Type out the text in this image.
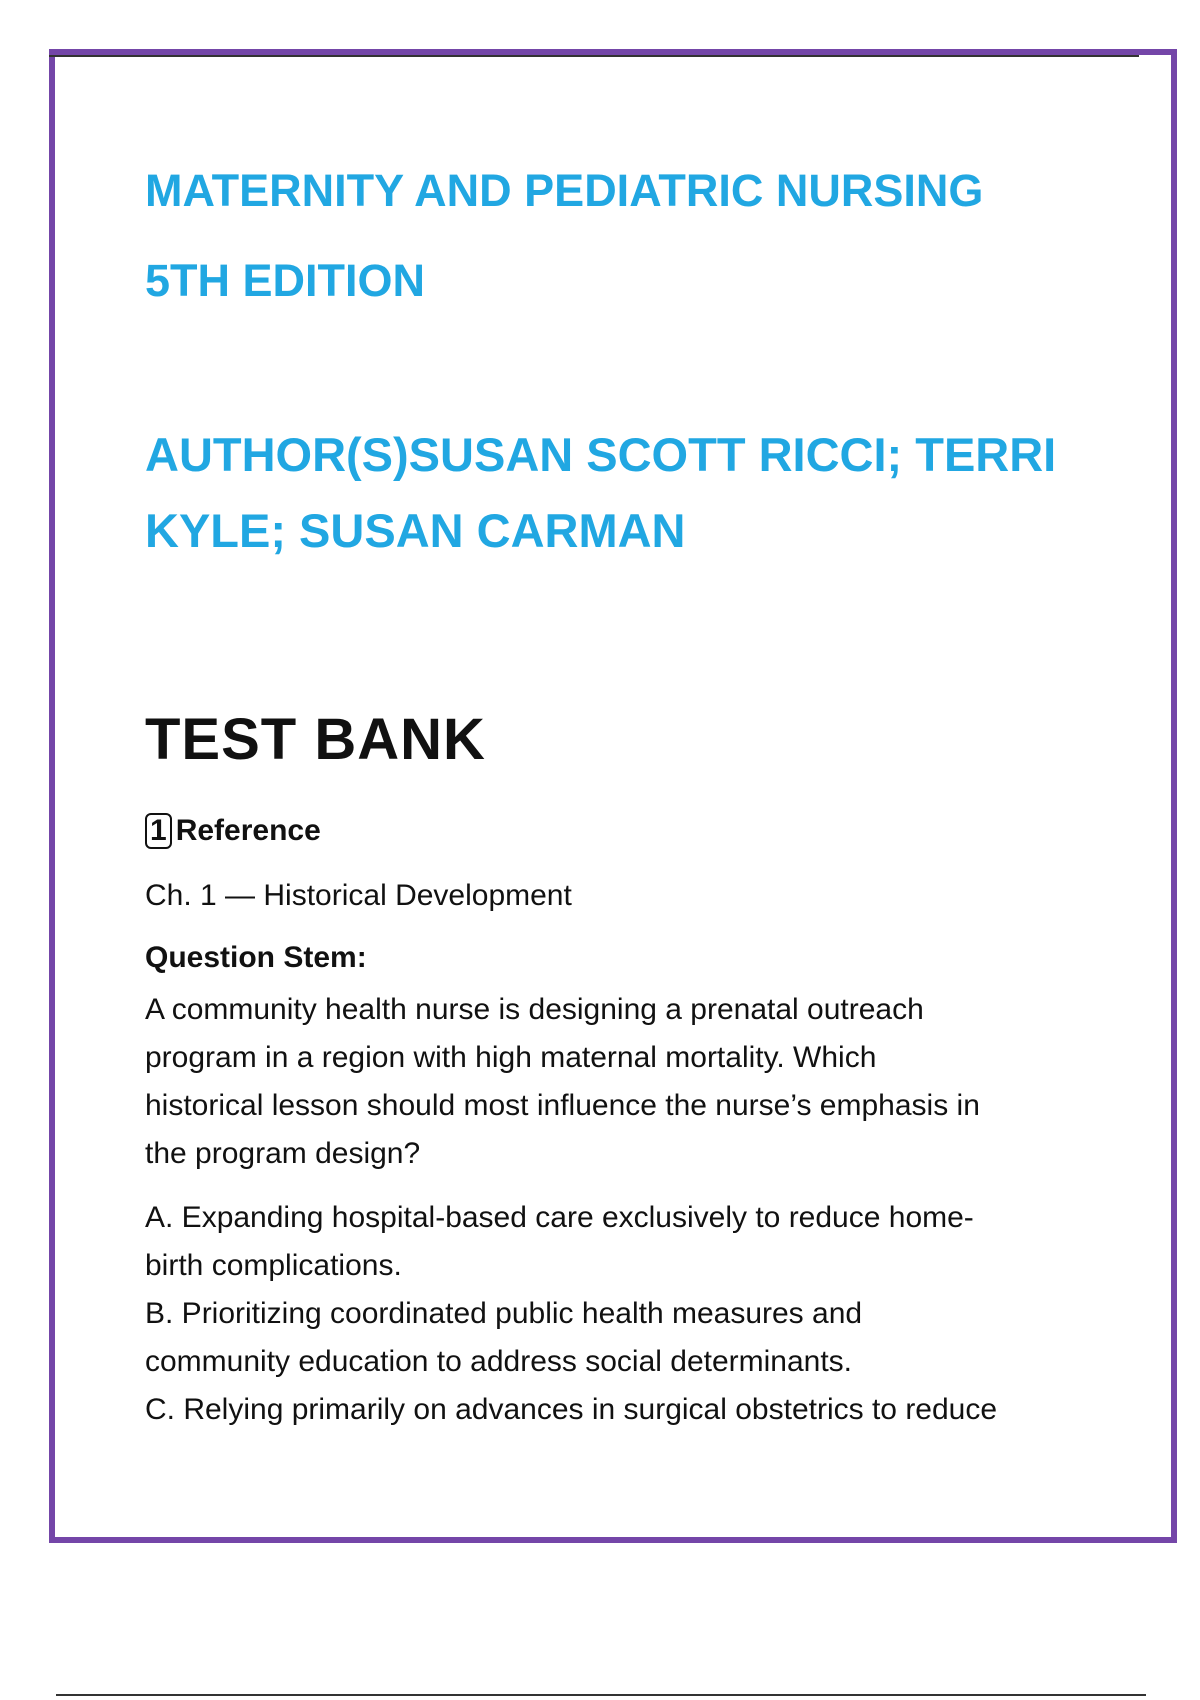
MATERNITY AND PEDIATRIC NURSING
5TH EDITION
AUTHOR(S)SUSAN SCOTT RICCI; TERRI
KYLE; SUSAN CARMAN
TEST BANK

1 Reference

Ch. 1 — Historical Development

Question Stem:

A community health nurse is designing a prenatal outreach
program in a region with high maternal mortality. Which
historical lesson should most influence the nurse’s emphasis in
the program design?

A. Expanding hospital-based care exclusively to reduce home-
birth complications.
B. Prioritizing coordinated public health measures and
community education to address social determinants.
C. Relying primarily on advances in surgical obstetrics to reduce
